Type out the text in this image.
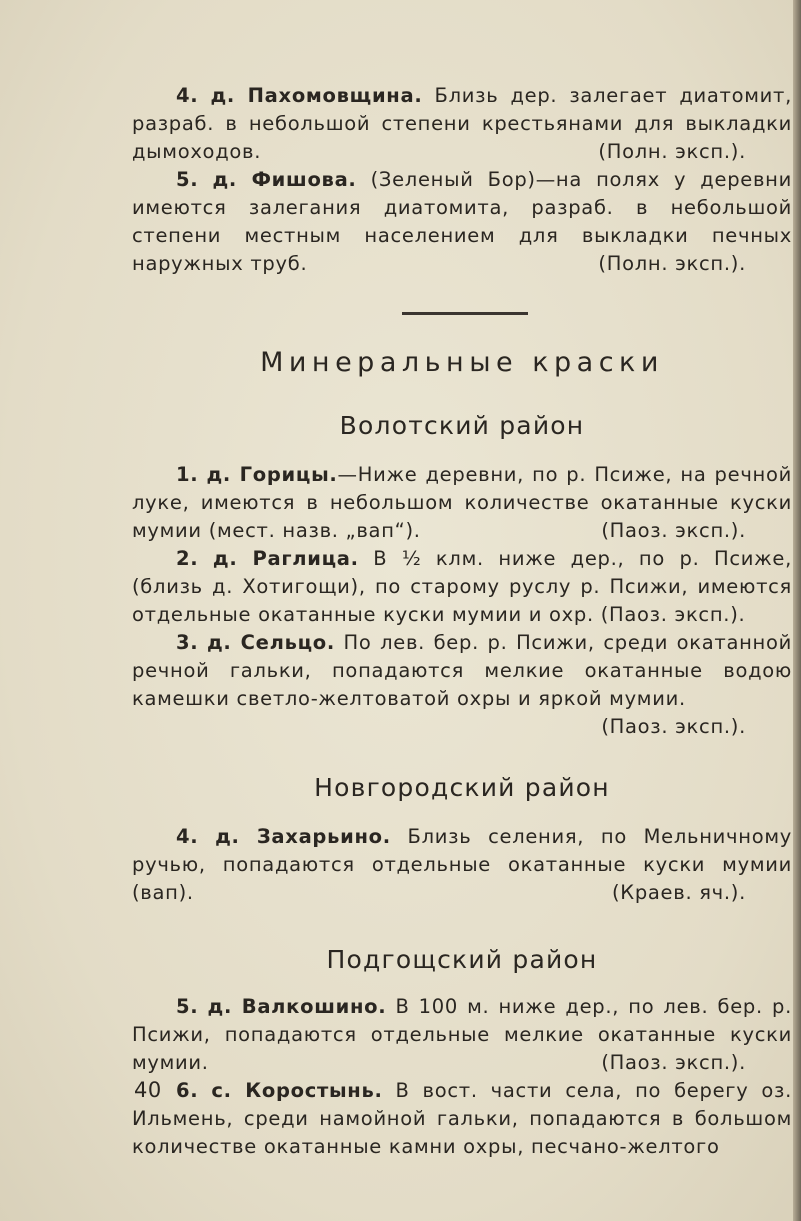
4. д. Пахомовщина. Близь дер. залегает диатомит, разраб. в небольшой степени крестьянами для выкладки дымоходов.	(Полн. эксп.).

5. д. Фишова. (Зеленый Бор)—на полях у деревни имеются залегания диатомита, разраб. в небольшой степени местным населением для выкладки печных наружных труб.	(Полн. эксп.).

Минеральные краски
Волотский район

1. д. Горицы.—Ниже деревни, по р. Псиже, на речной луке, имеются в небольшом количестве окатанные куски мумии (мест. назв. „вап“).	(Паоз. эксп.).

2. д. Раглица. В ½ клм. ниже дер., по р. Псиже, (близь д. Хотигощи), по старому руслу р. Псижи, имеются отдельные окатанные куски мумии и охр. (Паоз. эксп.).

3. д. Сельцо. По лев. бер. р. Псижи, среди окатанной речной гальки, попадаются мелкие окатанные водою камешки светло-желтоватой охры и яркой мумии.
(Паоз. эксп.).

Новгородский район

4. д. Захарьино. Близь селения, по Мельничному ручью, попадаются отдельные окатанные куски мумии (вап).	(Краев. яч.).

Подгощский район

5. д. Валкошино. В 100 м. ниже дер., по лев. бер. р. Псижи, попадаются отдельные мелкие окатанные куски мумии.	(Паоз. эксп.).

6. с. Коростынь. В вост. части села, по берегу оз. Ильмень, среди намойной гальки, попадаются в большом количестве окатанные камни охры, песчано-желтого

40
